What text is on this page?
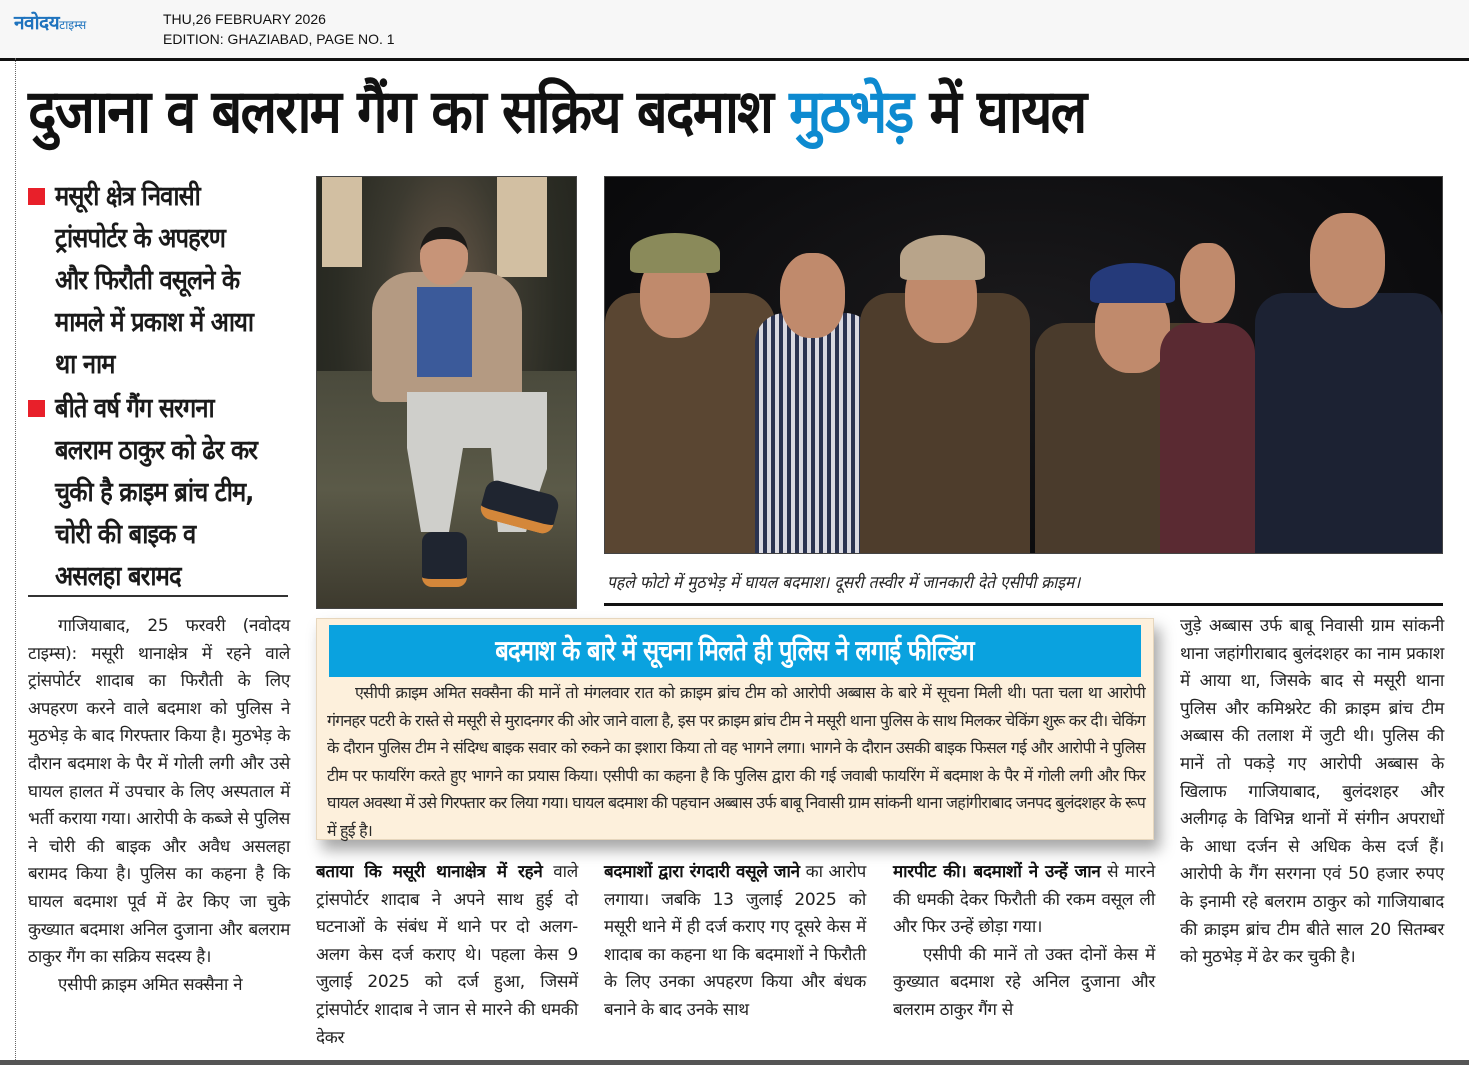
नवोदयटाइम्स	THU,26 FEBRUARY 2026
EDITION: GHAZIABAD, PAGE NO. 1
दुजाना व बलराम गैंग का सक्रिय बदमाश मुठभेड़ में घायल
मसूरी क्षेत्र निवासी ट्रांसपोर्टर के अपहरण और फिरौती वसूलने के मामले में प्रकाश में आया था नाम
बीते वर्ष गैंग सरगना बलराम ठाकुर को ढेर कर चुकी है क्राइम ब्रांच टीम, चोरी की बाइक व असलहा बरामद	पहले फोटो में मुठभेड़ में घायल बदमाश। दूसरी तस्वीर में जानकारी देते एसीपी क्राइम।

गाजियाबाद, 25 फरवरी (नवोदय टाइम्स): मसूरी थानाक्षेत्र में रहने वाले ट्रांसपोर्टर शादाब का फिरौती के लिए अपहरण करने वाले बदमाश को पुलिस ने मुठभेड़ के बाद गिरफ्तार किया है। मुठभेड़ के दौरान बदमाश के पैर में गोली लगी और उसे घायल हालत में उपचार के लिए अस्पताल में भर्ती कराया गया। आरोपी के कब्जे से पुलिस ने चोरी की बाइक और अवैध असलहा बरामद किया है। पुलिस का कहना है कि घायल बदमाश पूर्व में ढेर किए जा चुके कुख्यात बदमाश अनिल दुजाना और बलराम ठाकुर गैंग का सक्रिय सदस्य है।

एसीपी क्राइम अमित सक्सैना ने

बदमाश के बारे में सूचना मिलते ही पुलिस ने लगाई फील्डिंग
एसीपी क्राइम अमित सक्सैना की मानें तो मंगलवार रात को क्राइम ब्रांच टीम को आरोपी अब्बास के बारे में सूचना मिली थी। पता चला था आरोपी गंगनहर पटरी के रास्ते से मसूरी से मुरादनगर की ओर जाने वाला है, इस पर क्राइम ब्रांच टीम ने मसूरी थाना पुलिस के साथ मिलकर चेकिंग शुरू कर दी। चेकिंग के दौरान पुलिस टीम ने संदिग्ध बाइक सवार को रुकने का इशारा किया तो वह भागने लगा। भागने के दौरान उसकी बाइक फिसल गई और आरोपी ने पुलिस टीम पर फायरिंग करते हुए भागने का प्रयास किया। एसीपी का कहना है कि पुलिस द्वारा की गई जवाबी फायरिंग में बदमाश के पैर में गोली लगी और फिर घायल अवस्था में उसे गिरफ्तार कर लिया गया। घायल बदमाश की पहचान अब्बास उर्फ बाबू निवासी ग्राम सांकनी थाना जहांगीराबाद जनपद बुलंदशहर के रूप में हुई है।

बताया कि मसूरी थानाक्षेत्र में रहने वाले ट्रांसपोर्टर शादाब ने अपने साथ हुई दो घटनाओं के संबंध में थाने पर दो अलग-अलग केस दर्ज कराए थे। पहला केस 9 जुलाई 2025 को दर्ज हुआ, जिसमें ट्रांसपोर्टर शादाब ने जान से मारने की धमकी देकर

बदमाशों द्वारा रंगदारी वसूले जाने का आरोप लगाया। जबकि 13 जुलाई 2025 को मसूरी थाने में ही दर्ज कराए गए दूसरे केस में शादाब का कहना था कि बदमाशों ने फिरौती के लिए उनका अपहरण किया और बंधक बनाने के बाद उनके साथ

मारपीट की। बदमाशों ने उन्हें जान से मारने की धमकी देकर फिरौती की रकम वसूल ली और फिर उन्हें छोड़ा गया।

एसीपी की मानें तो उक्त दोनों केस में कुख्यात बदमाश रहे अनिल दुजाना और बलराम ठाकुर गैंग से

जुड़े अब्बास उर्फ बाबू निवासी ग्राम सांकनी थाना जहांगीराबाद बुलंदशहर का नाम प्रकाश में आया था, जिसके बाद से मसूरी थाना पुलिस और कमिश्नरेट की क्राइम ब्रांच टीम अब्बास की तलाश में जुटी थी। पुलिस की मानें तो पकड़े गए आरोपी अब्बास के खिलाफ गाजियाबाद, बुलंदशहर और अलीगढ़ के विभिन्न थानों में संगीन अपराधों के आधा दर्जन से अधिक केस दर्ज हैं। आरोपी के गैंग सरगना एवं 50 हजार रुपए के इनामी रहे बलराम ठाकुर को गाजियाबाद की क्राइम ब्रांच टीम बीते साल 20 सितम्बर को मुठभेड़ में ढेर कर चुकी है।
